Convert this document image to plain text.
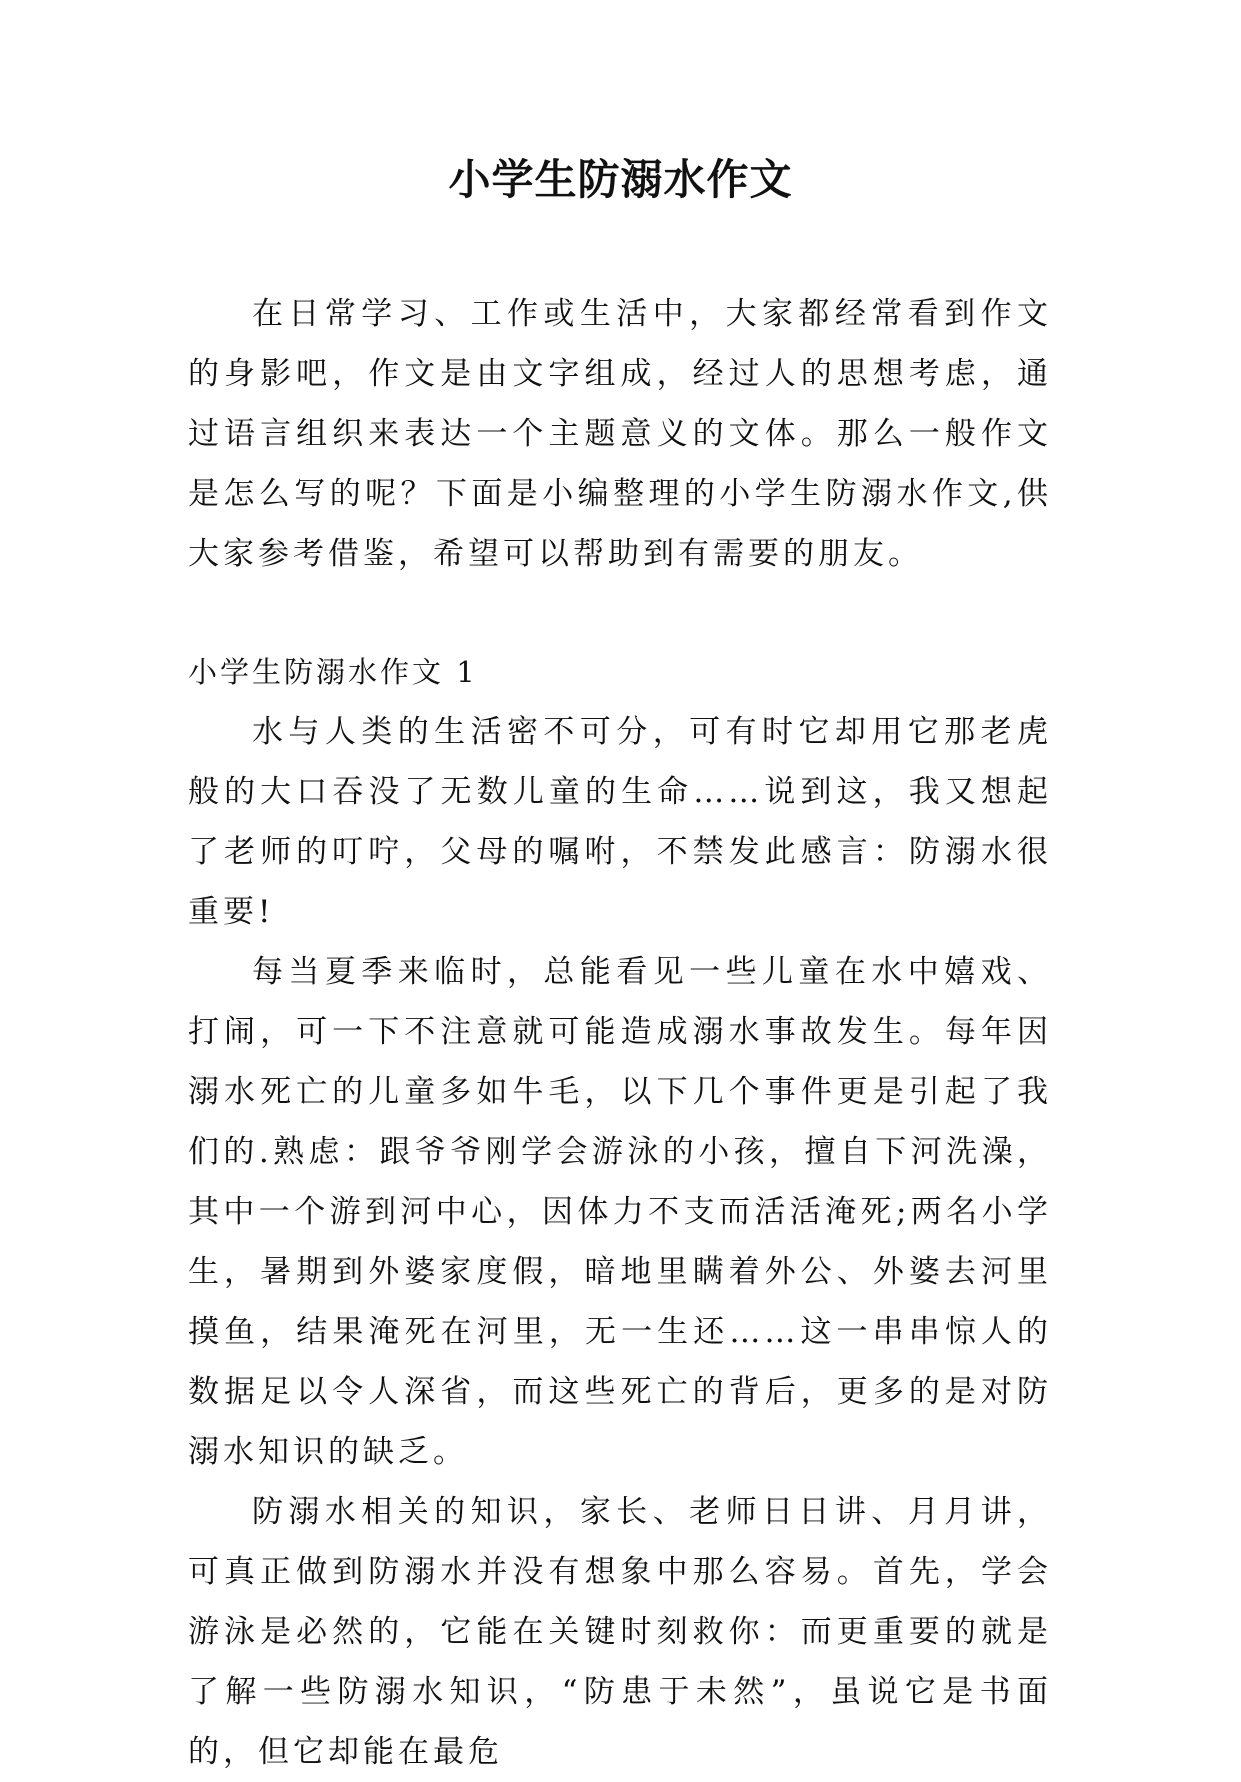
小学生防溺水作文

在日常学习、工作或生活中，大家都经常看到作文的身影吧，作文是由文字组成，经过人的思想考虑，通过语言组织来表达一个主题意义的文体。那么一般作文是怎么写的呢？下面是小编整理的小学生防溺水作文,供大家参考借鉴，希望可以帮助到有需要的朋友。

小学生防溺水作文 1

水与人类的生活密不可分，可有时它却用它那老虎般的大口吞没了无数儿童的生命……说到这，我又想起了老师的叮咛，父母的嘱咐，不禁发此感言：防溺水很重要!

每当夏季来临时，总能看见一些儿童在水中嬉戏、打闹，可一下不注意就可能造成溺水事故发生。每年因溺水死亡的儿童多如牛毛，以下几个事件更是引起了我们的.熟虑：跟爷爷刚学会游泳的小孩，擅自下河洗澡，其中一个游到河中心，因体力不支而活活淹死;两名小学生，暑期到外婆家度假，暗地里瞒着外公、外婆去河里摸鱼，结果淹死在河里，无一生还……这一串串惊人的数据足以令人深省，而这些死亡的背后，更多的是对防溺水知识的缺乏。

防溺水相关的知识，家长、老师日日讲、月月讲，可真正做到防溺水并没有想象中那么容易。首先，学会游泳是必然的，它能在关键时刻救你：而更重要的就是了解一些防溺水知识，“防患于未然”，虽说它是书面的，但它却能在最危
